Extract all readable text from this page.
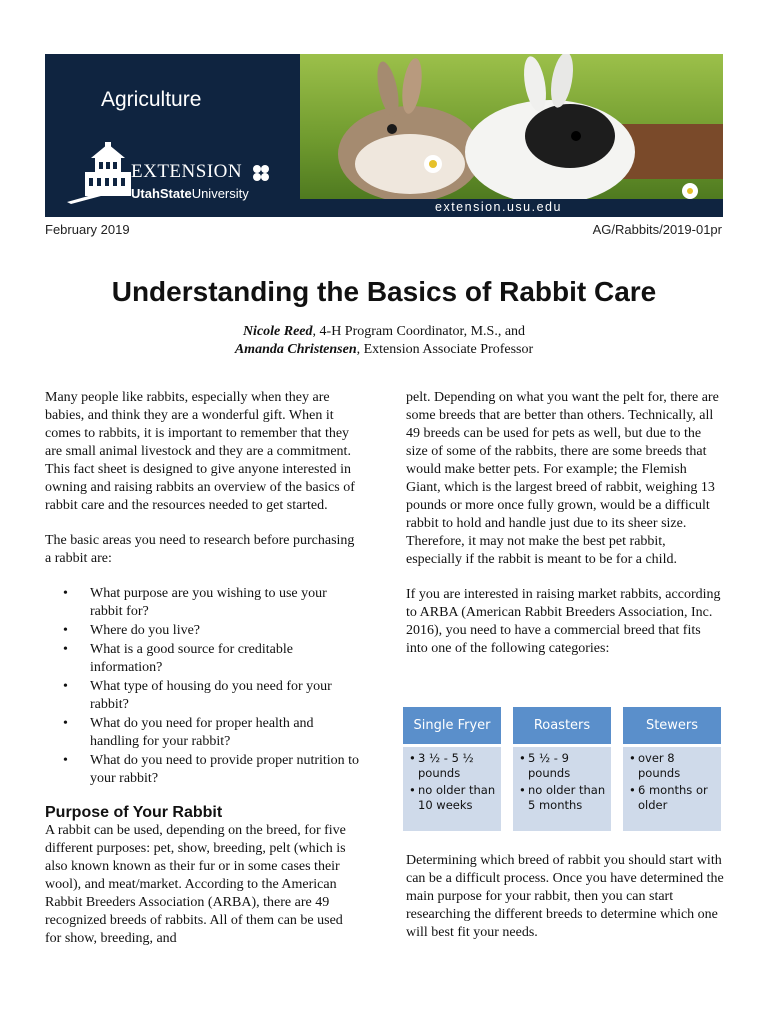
Agriculture
EXTENSION
UtahStateUniversity
extension.usu.edu
February 2019	AG/Rabbits/2019-01pr
Understanding the Basics of Rabbit Care
Nicole Reed, 4-H Program Coordinator, M.S., and
Amanda Christensen, Extension Associate Professor

Many people like rabbits, especially when they are babies, and think they are a wonderful gift. When it comes to rabbits, it is important to remember that they are small animal livestock and they are a commitment. This fact sheet is designed to give anyone interested in owning and raising rabbits an overview of the basics of rabbit care and the resources needed to get started.

The basic areas you need to research before purchasing a rabbit are:

• What purpose are you wishing to use your rabbit for?
• Where do you live?
• What is a good source for creditable information?
• What type of housing do you need for your rabbit?
• What do you need for proper health and handling for your rabbit?
• What do you need to provide proper nutrition to your rabbit?
Purpose of Your Rabbit

A rabbit can be used, depending on the breed, for five different purposes: pet, show, breeding, pelt (which is also known known as their fur or in some cases their wool), and meat/market. According to the American Rabbit Breeders Association (ARBA), there are 49 recognized breeds of rabbits. All of them can be used for show, breeding, and

pelt. Depending on what you want the pelt for, there are some breeds that are better than others. Technically, all 49 breeds can be used for pets as well, but due to the size of some of the rabbits, there are some breeds that would make better pets. For example; the Flemish Giant, which is the largest breed of rabbit, weighing 13 pounds or more once fully grown, would be a difficult rabbit to hold and handle just due to its sheer size. Therefore, it may not make the best pet rabbit, especially if the rabbit is meant to be for a child.

If you are interested in raising market rabbits, according to ARBA (American Rabbit Breeders Association, Inc. 2016), you need to have a commercial breed that fits into one of the following categories:

Single Fryer
• 3 ½ - 5 ½ pounds
• no older than 10 weeks
Roasters
• 5 ½ - 9 pounds
• no older than 5 months
Stewers
• over 8 pounds
• 6 months or older

Determining which breed of rabbit you should start with can be a difficult process. Once you have determined the main purpose for your rabbit, then you can start researching the different breeds to determine which one will best fit your needs.
